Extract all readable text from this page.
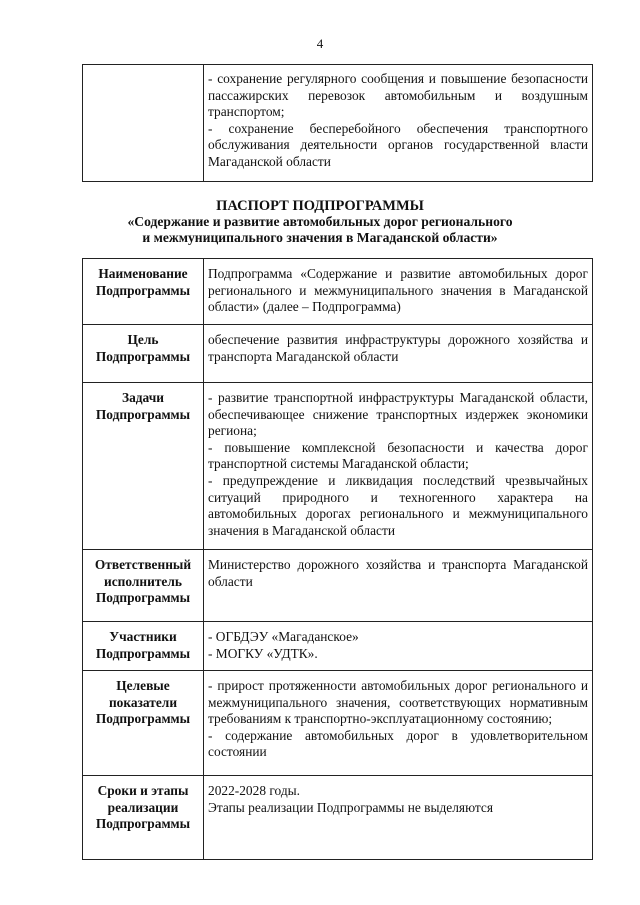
4

- сохранение регулярного сообщения и повышение безопасности пассажирских перевозок автомобильным и воздушным транспортом;
- сохранение бесперебойного обеспечения транспортного обслуживания деятельности органов государственной власти Магаданской области
ПАСПОРТ ПОДПРОГРАММЫ
«Содержание и развитие автомобильных дорог регионального
и межмуниципального значения в Магаданской области»
Наименование Подпрограммы	Подпрограмма «Содержание и развитие автомобильных дорог регионального и межмуниципального значения в Магаданской области» (далее – Подпрограмма)

Цель Подпрограммы	обеспечение развития инфраструктуры дорожного хозяйства и транспорта Магаданской области

Задачи Подпрограммы	- развитие транспортной инфраструктуры Магаданской области, обеспечивающее снижение транспортных издержек экономики региона;
- повышение комплексной безопасности и качества дорог транспортной системы Магаданской области;
- предупреждение и ликвидация последствий чрезвычайных ситуаций природного и техногенного характера на автомобильных дорогах регионального и межмуниципального значения в Магаданской области

Ответственный исполнитель Подпрограммы	Министерство дорожного хозяйства и транспорта Магаданской области

Участники Подпрограммы	- ОГБДЭУ «Магаданское»
- МОГКУ «УДТК».

Целевые показатели Подпрограммы	- прирост протяженности автомобильных дорог регионального и межмуниципального значения, соответствующих нормативным требованиям к транспортно-эксплуатационному состоянию;
- содержание автомобильных дорог в удовлетворительном состоянии

Сроки и этапы реализации Подпрограммы	2022-2028 годы.
Этапы реализации Подпрограммы не выделяются
